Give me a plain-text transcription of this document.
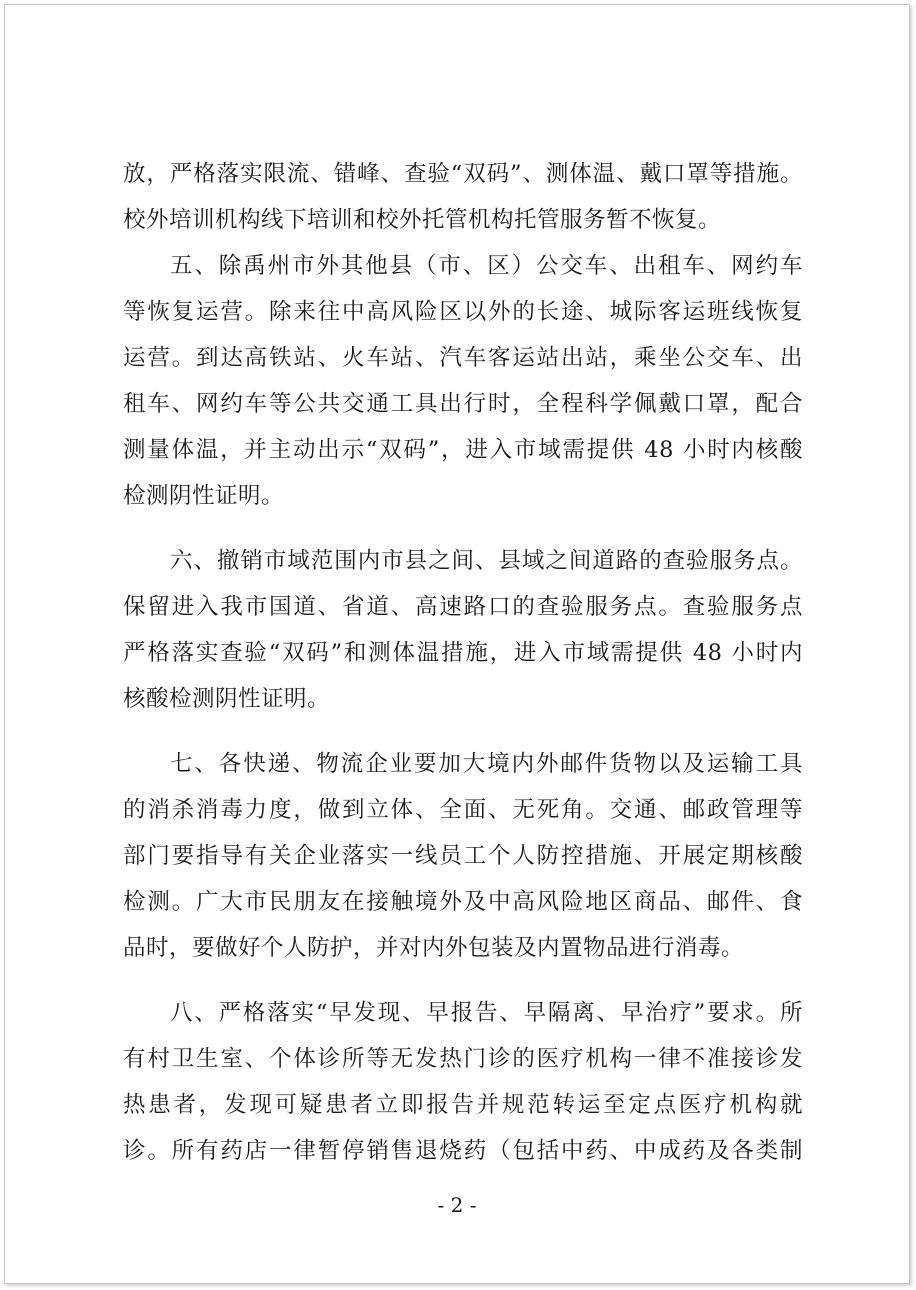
放，严格落实限流、错峰、查验“双码”、测体温、戴口罩等措施。
校外培训机构线下培训和校外托管机构托管服务暂不恢复。
五、除禹州市外其他县（市、区）公交车、出租车、网约车
等恢复运营。除来往中高风险区以外的长途、城际客运班线恢复
运营。到达高铁站、火车站、汽车客运站出站，乘坐公交车、出
租车、网约车等公共交通工具出行时，全程科学佩戴口罩，配合
测量体温，并主动出示“双码”，进入市域需提供 48 小时内核酸
检测阴性证明。
六、撤销市域范围内市县之间、县域之间道路的查验服务点。
保留进入我市国道、省道、高速路口的查验服务点。查验服务点
严格落实查验“双码”和测体温措施，进入市域需提供 48 小时内
核酸检测阴性证明。
七、各快递、物流企业要加大境内外邮件货物以及运输工具
的消杀消毒力度，做到立体、全面、无死角。交通、邮政管理等
部门要指导有关企业落实一线员工个人防控措施、开展定期核酸
检测。广大市民朋友在接触境外及中高风险地区商品、邮件、食
品时，要做好个人防护，并对内外包装及内置物品进行消毒。
八、严格落实“早发现、早报告、早隔离、早治疗”要求。所
有村卫生室、个体诊所等无发热门诊的医疗机构一律不准接诊发
热患者，发现可疑患者立即报告并规范转运至定点医疗机构就
诊。所有药店一律暂停销售退烧药（包括中药、中成药及各类制
- 2 -
